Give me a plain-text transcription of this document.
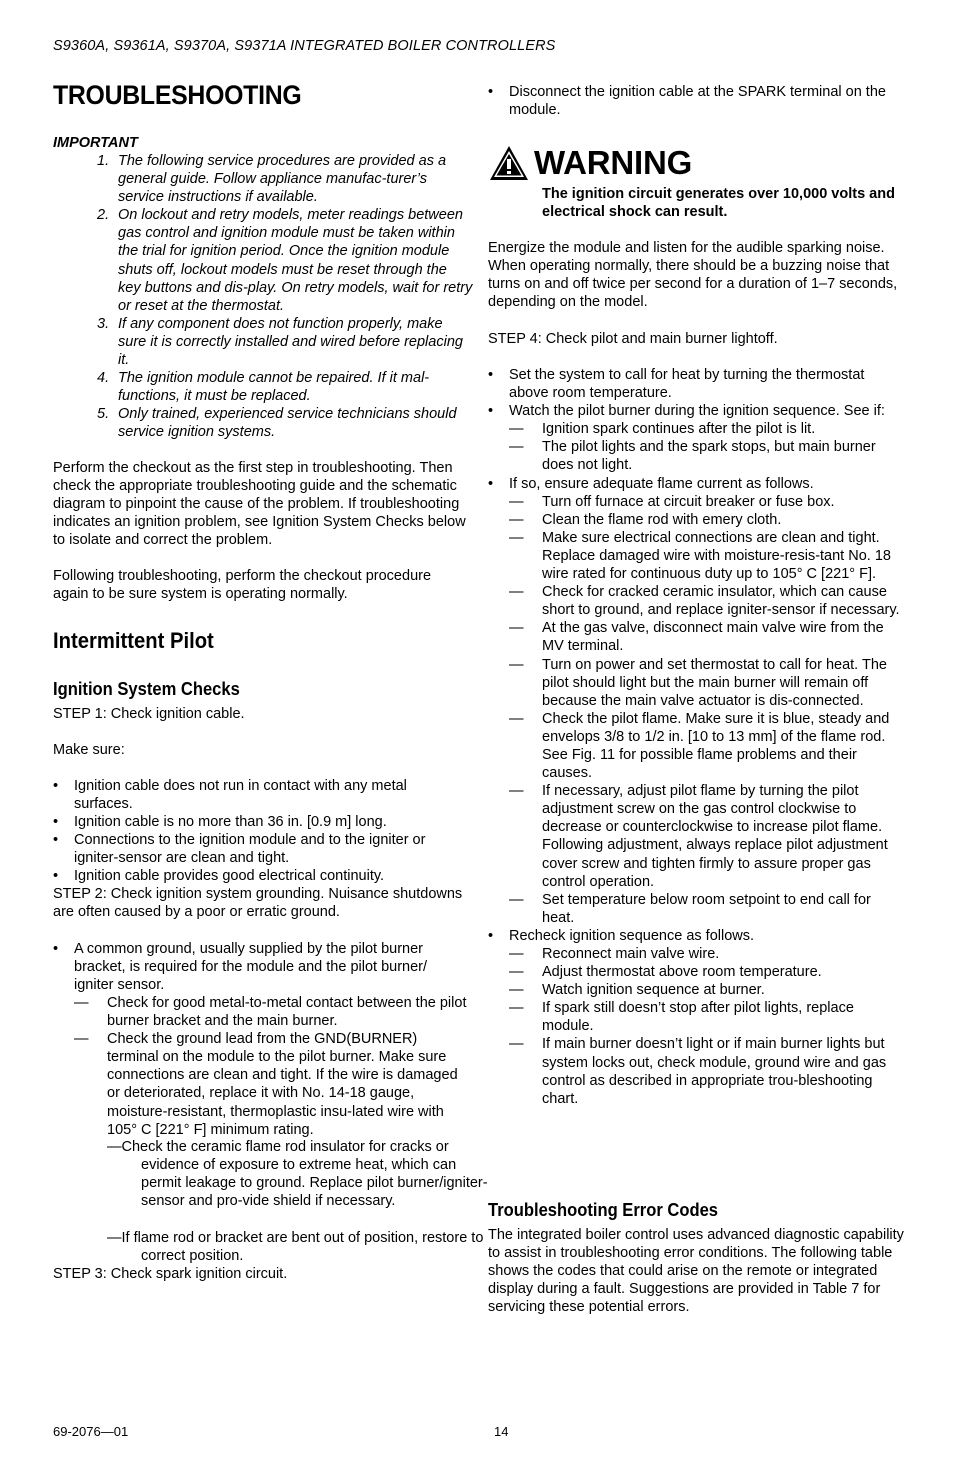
S9360A, S9361A, S9370A, S9371A INTEGRATED BOILER CONTROLLERS
TROUBLESHOOTING
IMPORTANT
1. The following service procedures are provided as a general guide. Follow appliance manufac-turer’s service instructions if available.
2. On lockout and retry models, meter readings between gas control and ignition module must be taken within the trial for ignition period. Once the ignition module shuts off, lockout models must be reset through the key buttons and dis-play. On retry models, wait for retry or reset at the thermostat.
3. If any component does not function properly, make sure it is correctly installed and wired before replacing it.
4. The ignition module cannot be repaired. If it mal-functions, it must be replaced.
5. Only trained, experienced service technicians should service ignition systems.
Perform the checkout as the first step in troubleshooting. Then check the appropriate troubleshooting guide and the schematic diagram to pinpoint the cause of the problem. If troubleshooting indicates an ignition problem, see Ignition System Checks below to isolate and correct the problem.
Following troubleshooting, perform the checkout procedure again to be sure system is operating normally.
Intermittent Pilot
Ignition System Checks
STEP 1: Check ignition cable.
Make sure:
• Ignition cable does not run in contact with any metal surfaces.
• Ignition cable is no more than 36 in. [0.9 m] long.
• Connections to the ignition module and to the igniter or igniter-sensor are clean and tight.
• Ignition cable provides good electrical continuity.
STEP 2: Check ignition system grounding. Nuisance shutdowns are often caused by a poor or erratic ground.
• A common ground, usually supplied by the pilot burner bracket, is required for the module and the pilot burner/ igniter sensor.
— Check for good metal-to-metal contact between the pilot burner bracket and the main burner.
— Check the ground lead from the GND(BURNER) terminal on the module to the pilot burner. Make sure connections are clean and tight. If the wire is damaged or deteriorated, replace it with No. 14-18 gauge, moisture-resistant, thermoplastic insu-lated wire with 105° C [221° F] minimum rating.
—Check the ceramic flame rod insulator for cracks or evidence of exposure to extreme heat, which can permit leakage to ground. Replace pilot burner/igniter-sensor and pro-vide shield if necessary.
—If flame rod or bracket are bent out of position, restore to correct position.
STEP 3: Check spark ignition circuit.
• Disconnect the ignition cable at the SPARK terminal on the module.
WARNING
The ignition circuit generates over 10,000 volts and electrical shock can result.
Energize the module and listen for the audible sparking noise. When operating normally, there should be a buzzing noise that turns on and off twice per second for a duration of 1–7 seconds, depending on the model.
STEP 4: Check pilot and main burner lightoff.
• Set the system to call for heat by turning the thermostat above room temperature.
• Watch the pilot burner during the ignition sequence. See if:
— Ignition spark continues after the pilot is lit.
— The pilot lights and the spark stops, but main burner does not light.
• If so, ensure adequate flame current as follows.
— Turn off furnace at circuit breaker or fuse box.
— Clean the flame rod with emery cloth.
— Make sure electrical connections are clean and tight. Replace damaged wire with moisture-resis-tant No. 18 wire rated for continuous duty up to 105° C [221° F].
— Check for cracked ceramic insulator, which can cause short to ground, and replace igniter-sensor if necessary.
— At the gas valve, disconnect main valve wire from the MV terminal.
— Turn on power and set thermostat to call for heat. The pilot should light but the main burner will remain off because the main valve actuator is dis-connected.
— Check the pilot flame. Make sure it is blue, steady and envelops 3/8 to 1/2 in. [10 to 13 mm] of the flame rod. See Fig. 11 for possible flame problems and their causes.
— If necessary, adjust pilot flame by turning the pilot adjustment screw on the gas control clockwise to decrease or counterclockwise to increase pilot flame. Following adjustment, always replace pilot adjustment cover screw and tighten firmly to assure proper gas control operation.
— Set temperature below room setpoint to end call for heat.
• Recheck ignition sequence as follows.
— Reconnect main valve wire.
— Adjust thermostat above room temperature.
— Watch ignition sequence at burner.
— If spark still doesn’t stop after pilot lights, replace module.
— If main burner doesn’t light or if main burner lights but system locks out, check module, ground wire and gas control as described in appropriate trou-bleshooting chart.
Troubleshooting Error Codes
The integrated boiler control uses advanced diagnostic capability to assist in troubleshooting error conditions. The following table shows the codes that could arise on the remote or integrated display during a fault. Suggestions are provided in Table 7 for servicing these potential errors.
69-2076—01	14
